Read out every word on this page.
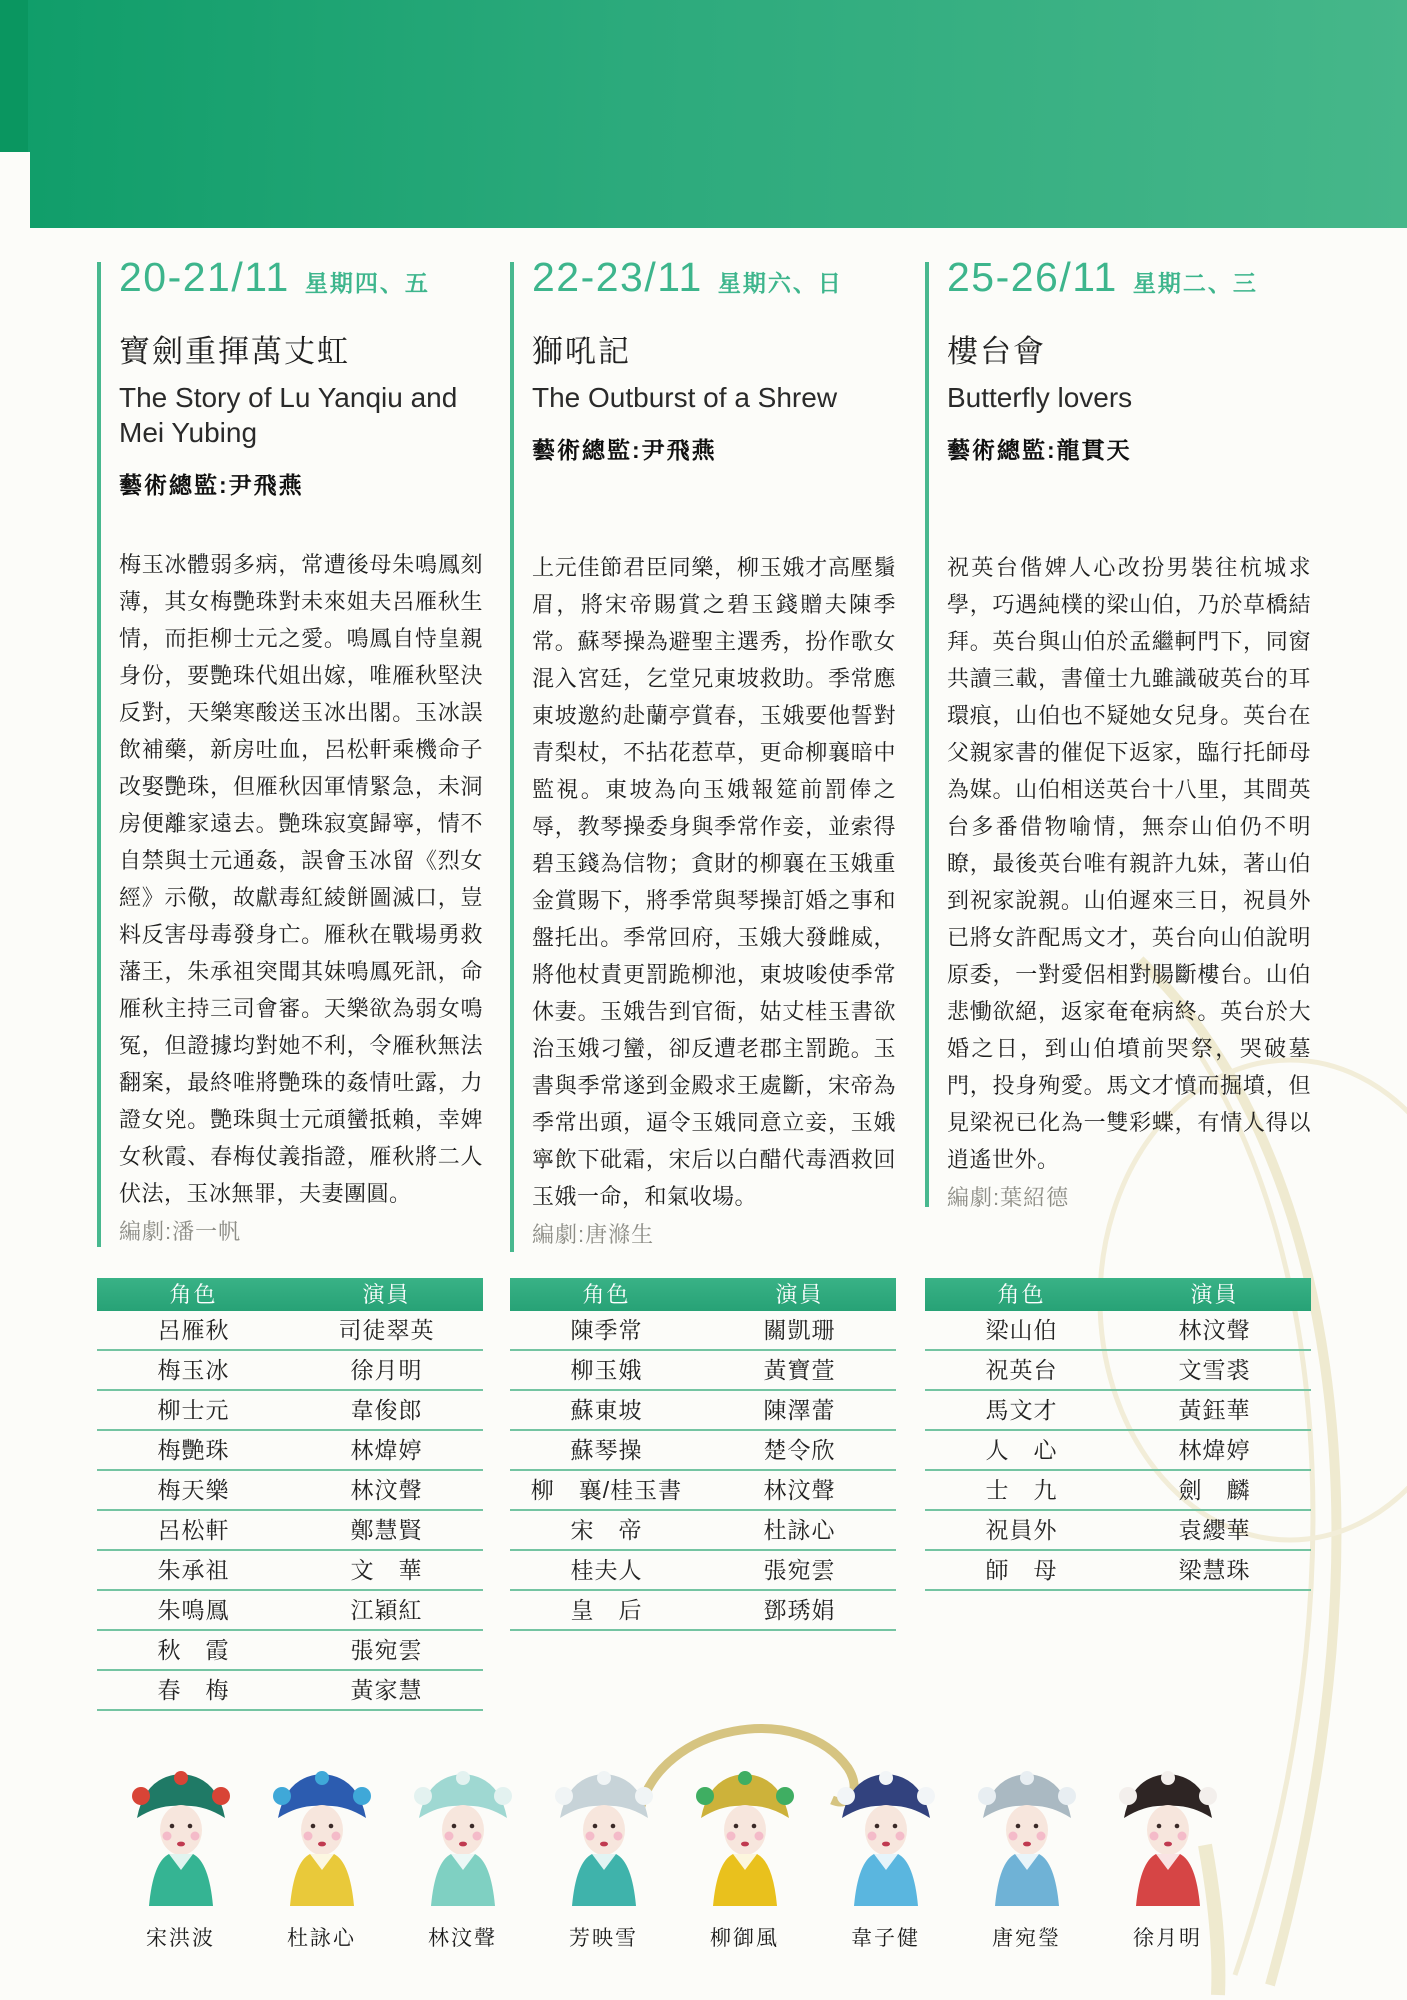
20-21/11 星期四、五
寶劍重揮萬丈虹
The Story of Lu Yanqiu and Mei Yubing

藝術總監:尹飛燕

梅玉冰體弱多病，常遭後母朱鳴鳳刻薄，其女梅艷珠對未來姐夫呂雁秋生情，而拒柳士元之愛。鳴鳳自恃皇親身份，要艷珠代姐出嫁，唯雁秋堅決反對，天樂寒酸送玉冰出閣。玉冰誤飲補藥，新房吐血，呂松軒乘機命子改娶艷珠，但雁秋因軍情緊急，未洞房便離家遠去。艷珠寂寞歸寧，情不自禁與士元通姦，誤會玉冰留《烈女經》示儆，故獻毒紅綾餅圖滅口，豈料反害母毒發身亡。雁秋在戰場勇救藩王，朱承祖突聞其妹鳴鳳死訊，命雁秋主持三司會審。天樂欲為弱女鳴冤，但證據均對她不利，令雁秋無法翻案，最終唯將艷珠的姦情吐露，力證女兇。艷珠與士元頑蠻抵賴，幸婢女秋霞、春梅仗義指證，雁秋將二人伏法，玉冰無罪，夫妻團圓。

編劇:潘一帆

22-23/11 星期六、日
獅吼記
The Outburst of a Shrew

藝術總監:尹飛燕

上元佳節君臣同樂，柳玉娥才高壓鬚眉，將宋帝賜賞之碧玉錢贈夫陳季常。蘇琴操為避聖主選秀，扮作歌女混入宮廷，乞堂兄東坡救助。季常應東坡邀約赴蘭亭賞春，玉娥要他誓對青梨杖，不拈花惹草，更命柳襄暗中監視。東坡為向玉娥報筵前罰俸之辱，教琴操委身與季常作妾，並索得碧玉錢為信物；貪財的柳襄在玉娥重金賞賜下，將季常與琴操訂婚之事和盤托出。季常回府，玉娥大發雌威，將他杖責更罰跪柳池，東坡唆使季常休妻。玉娥告到官衙，姑丈桂玉書欲治玉娥刁蠻，卻反遭老郡主罰跪。玉書與季常遂到金殿求王處斷，宋帝為季常出頭，逼令玉娥同意立妾，玉娥寧飲下砒霜，宋后以白醋代毒酒救回玉娥一命，和氣收場。

編劇:唐滌生

25-26/11 星期二、三
樓台會
Butterfly lovers

藝術總監:龍貫天

祝英台偕婢人心改扮男裝往杭城求學，巧遇純樸的梁山伯，乃於草橋結拜。英台與山伯於孟繼軻門下，同窗共讀三載，書僮士九雖識破英台的耳環痕，山伯也不疑她女兒身。英台在父親家書的催促下返家，臨行托師母為媒。山伯相送英台十八里，其間英台多番借物喻情，無奈山伯仍不明瞭，最後英台唯有親許九妹，著山伯到祝家說親。山伯遲來三日，祝員外已將女許配馬文才，英台向山伯說明原委，一對愛侶相對腸斷樓台。山伯悲慟欲絕，返家奄奄病終。英台於大婚之日，到山伯墳前哭祭，哭破墓門，投身殉愛。馬文才憤而掘墳，但見梁祝已化為一雙彩蝶，有情人得以逍遙世外。

編劇:葉紹德

角色	演員
呂雁秋	司徒翠英
梅玉冰	徐月明
柳士元	韋俊郎
梅艷珠	林煒婷
梅天樂	林汶聲
呂松軒	鄭慧賢
朱承祖	文　華
朱鳴鳳	江穎紅
秋　霞	張宛雲
春　梅	黃家慧
角色	演員
陳季常	關凱珊
柳玉娥	黃寶萱
蘇東坡	陳澤蕾
蘇琴操	楚令欣
柳　襄/桂玉書	林汶聲
宋　帝	杜詠心
桂夫人	張宛雲
皇　后	鄧琇娟
角色	演員
梁山伯	林汶聲
祝英台	文雪裘
馬文才	黃鈺華
人　心	林煒婷
士　九	劍　麟
祝員外	袁纓華
師　母	梁慧珠
宋洪波	杜詠心	林汶聲	芳映雪	柳御風	韋子健	唐宛瑩	徐月明
